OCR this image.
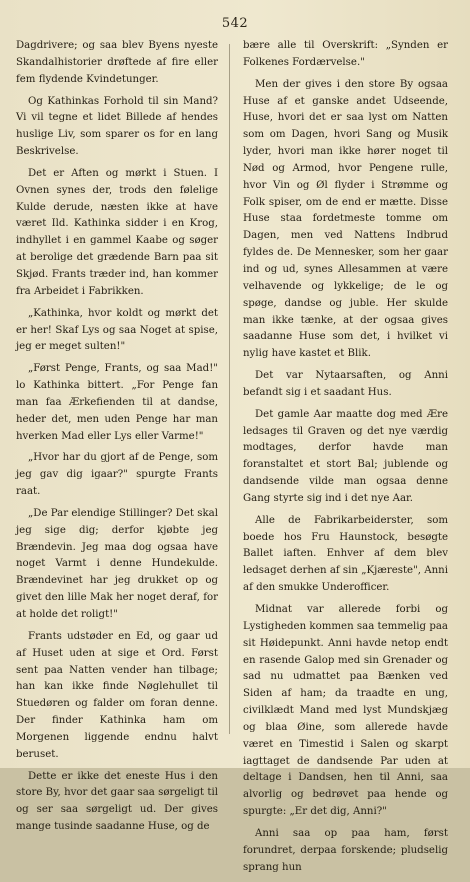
542

Dagdrivere; og saa blev Byens nyeste Skandalhistorier drøftede af fire eller fem flydende Kvindetunger.

Og Kathinkas Forhold til sin Mand? Vi vil tegne et lidet Billede af hendes huslige Liv, som sparer os for en lang Beskrivelse.

Det er Aften og mørkt i Stuen. I Ovnen synes der, trods den følelige Kulde derude, næsten ikke at have været Ild. Kathinka sidder i en Krog, indhyllet i en gammel Kaabe og søger at berolige det grædende Barn paa sit Skjød. Frants træder ind, han kommer fra Arbeidet i Fabrikken.

„Kathinka, hvor koldt og mørkt det er her! Skaf Lys og saa Noget at spise, jeg er meget sulten!"

„Først Penge, Frants, og saa Mad!" lo Kathinka bittert. „For Penge fan man faa Ærkefienden til at dandse, heder det, men uden Penge har man hverken Mad eller Lys eller Varme!"

„Hvor har du gjort af de Penge, som jeg gav dig igaar?" spurgte Frants raat.

„De Par elendige Stillinger? Det skal jeg sige dig; derfor kjøbte jeg Brændevin. Jeg maa dog ogsaa have noget Varmt i denne Hundekulde. Brændevinet har jeg drukket op og givet den lille Mak her noget deraf, for at holde det roligt!"

Frants udstøder en Ed, og gaar ud af Huset uden at sige et Ord. Først sent paa Natten vender han tilbage; han kan ikke finde Nøglehullet til Stuedøren og falder om foran denne. Der finder Kathinka ham om Morgenen liggende endnu halvt beruset.

Dette er ikke det eneste Hus i den store By, hvor det gaar saa sørgeligt til og ser saa sørgeligt ud. Der gives mange tusinde saadanne Huse, og de

bære alle til Overskrift: „Synden er Folkenes Fordærvelse."

Men der gives i den store By ogsaa Huse af et ganske andet Udseende, Huse, hvori det er saa lyst om Natten som om Dagen, hvori Sang og Musik lyder, hvori man ikke hører noget til Nød og Armod, hvor Pengene rulle, hvor Vin og Øl flyder i Strømme og Folk spiser, om de end er mætte. Disse Huse staa fordetmeste tomme om Dagen, men ved Nattens Indbrud fyldes de. De Mennesker, som her gaar ind og ud, synes Allesammen at være velhavende og lykkelige; de le og spøge, dandse og juble. Her skulde man ikke tænke, at der ogsaa gives saadanne Huse som det, i hvilket vi nylig have kastet et Blik.

Det var Nytaarsaften, og Anni befandt sig i et saadant Hus.

Det gamle Aar maatte dog med Ære ledsages til Graven og det nye værdig modtages, derfor havde man foranstaltet et stort Bal; jublende og dandsende vilde man ogsaa denne Gang styrte sig ind i det nye Aar.

Alle de Fabrikarbeiderster, som boede hos Fru Haunstock, besøgte Ballet iaften. Enhver af dem blev ledsaget derhen af sin „Kjæreste", Anni af den smukke Underofficer.

Midnat var allerede forbi og Lystigheden kommen saa temmelig paa sit Høidepunkt. Anni havde netop endt en rasende Galop med sin Grenader og sad nu udmattet paa Bænken ved Siden af ham; da traadte en ung, civilklædt Mand med lyst Mundskjæg og blaa Øine, som allerede havde været en Timestid i Salen og skarpt iagttaget de dandsende Par uden at deltage i Dandsen, hen til Anni, saa alvorlig og bedrøvet paa hende og spurgte: „Er det dig, Anni?"

Anni saa op paa ham, først forundret, derpaa forskende; pludselig sprang hun
